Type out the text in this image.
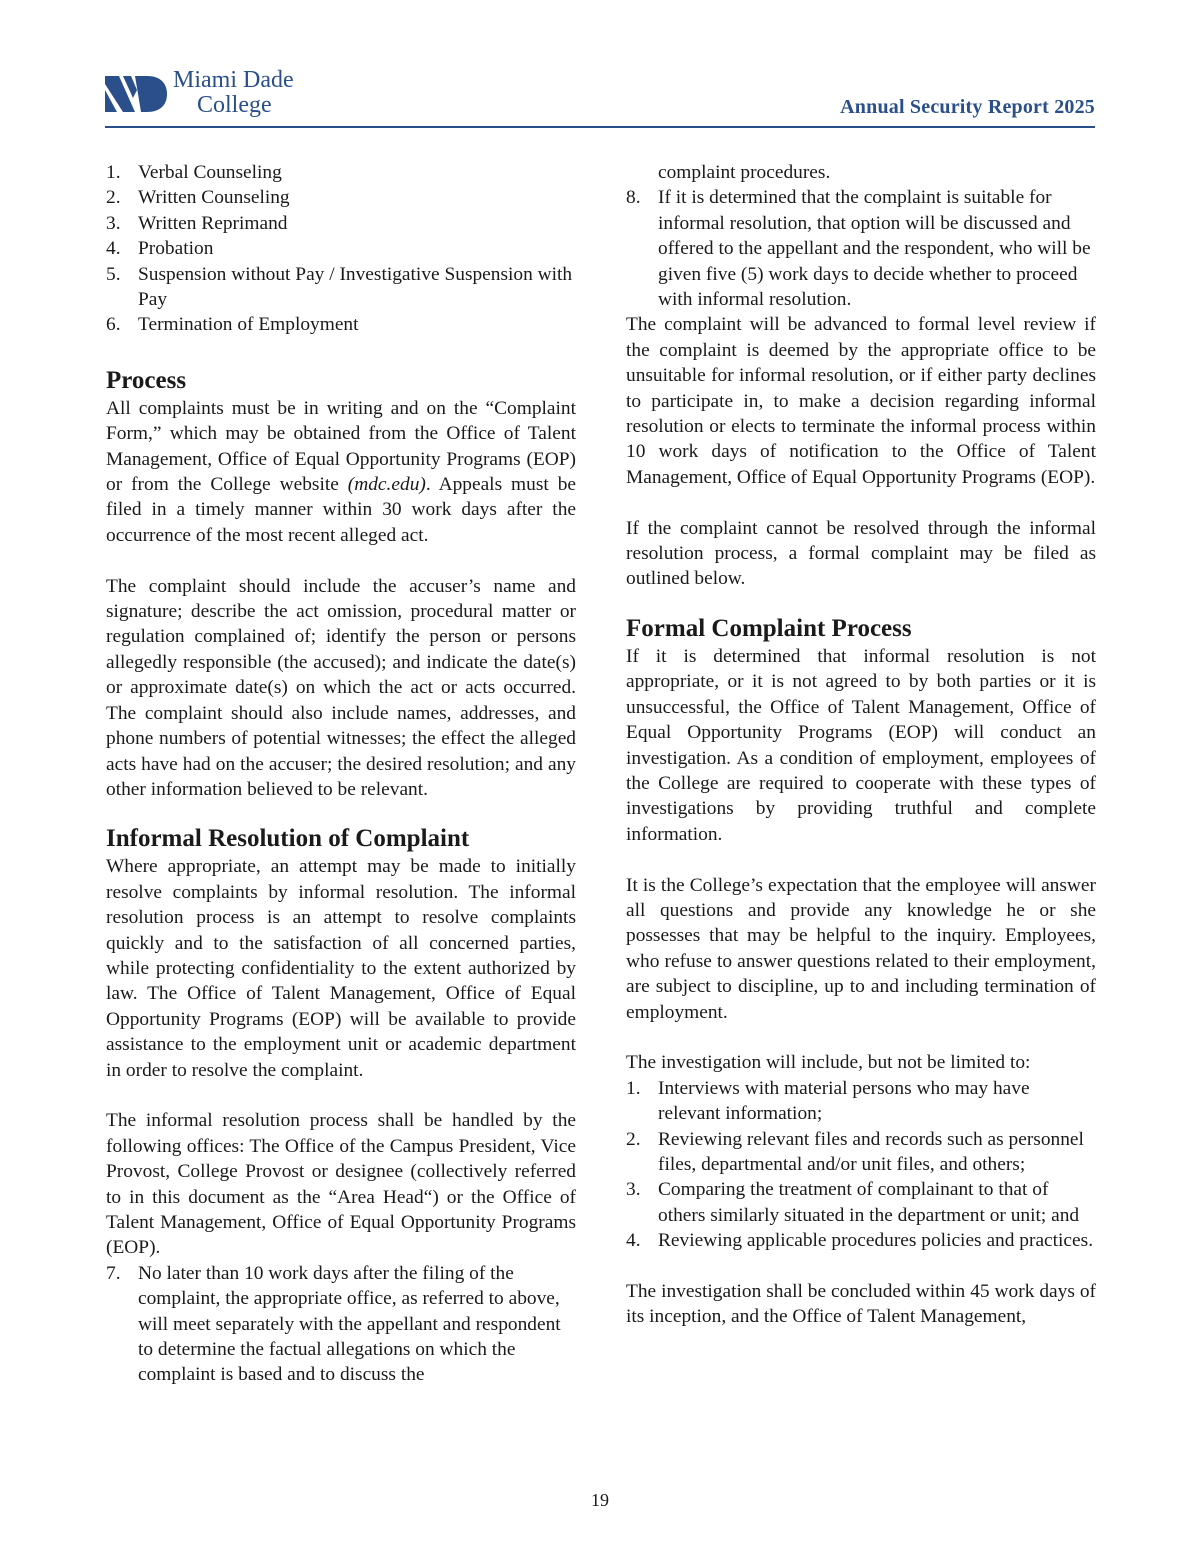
Miami Dade
College	Annual Security Report 2025
1. Verbal Counseling
2. Written Counseling
3. Written Reprimand
4. Probation
5. Suspension without Pay / Investigative Suspension with Pay
6. Termination of Employment
Process

All complaints must be in writing and on the “Complaint Form,” which may be obtained from the Office of Talent Management, Office of Equal Opportunity Programs (EOP) or from the College website (mdc.edu). Appeals must be filed in a timely manner within 30 work days after the occurrence of the most recent alleged act.

The complaint should include the accuser’s name and signature; describe the act omission, procedural matter or regulation complained of; identify the person or persons allegedly responsible (the accused); and indicate the date(s) or approximate date(s) on which the act or acts occurred. The complaint should also include names, addresses, and phone numbers of potential witnesses; the effect the alleged acts have had on the accuser; the desired resolution; and any other information believed to be relevant.

Informal Resolution of Complaint

Where appropriate, an attempt may be made to initially resolve complaints by informal resolution. The informal resolution process is an attempt to resolve complaints quickly and to the satisfaction of all concerned parties, while protecting confidentiality to the extent authorized by law. The Office of Talent Management, Office of Equal Opportunity Programs (EOP) will be available to provide assistance to the employment unit or academic department in order to resolve the complaint.

The informal resolution process shall be handled by the following offices: The Office of the Campus President, Vice Provost, College Provost or designee (collectively referred to in this document as the “Area Head“) or the Office of Talent Management, Office of Equal Opportunity Programs (EOP).

7. No later than 10 work days after the filing of the complaint, the appropriate office, as referred to above, will meet separately with the appellant and respondent to determine the factual allegations on which the complaint is based and to discuss the
complaint procedures.
8. If it is determined that the complaint is suitable for informal resolution, that option will be discussed and offered to the appellant and the respondent, who will be given five (5) work days to decide whether to proceed with informal resolution.

The complaint will be advanced to formal level review if the complaint is deemed by the appropriate office to be unsuitable for informal resolution, or if either party declines to participate in, to make a decision regarding informal resolution or elects to terminate the informal process within 10 work days of notification to the Office of Talent Management, Office of Equal Opportunity Programs (EOP).

If the complaint cannot be resolved through the informal resolution process, a formal complaint may be filed as outlined below.

Formal Complaint Process

If it is determined that informal resolution is not appropriate, or it is not agreed to by both parties or it is unsuccessful, the Office of Talent Management, Office of Equal Opportunity Programs (EOP) will conduct an investigation. As a condition of employment, employees of the College are required to cooperate with these types of investigations by providing truthful and complete information.

It is the College’s expectation that the employee will answer all questions and provide any knowledge he or she possesses that may be helpful to the inquiry. Employees, who refuse to answer questions related to their employment, are subject to discipline, up to and including termination of employment.

The investigation will include, but not be limited to:

1. Interviews with material persons who may have relevant information;
2. Reviewing relevant files and records such as personnel files, departmental and/or unit files, and others;
3. Comparing the treatment of complainant to that of others similarly situated in the department or unit; and
4. Reviewing applicable procedures policies and practices.

The investigation shall be concluded within 45 work days of its inception, and the Office of Talent Management,

19
